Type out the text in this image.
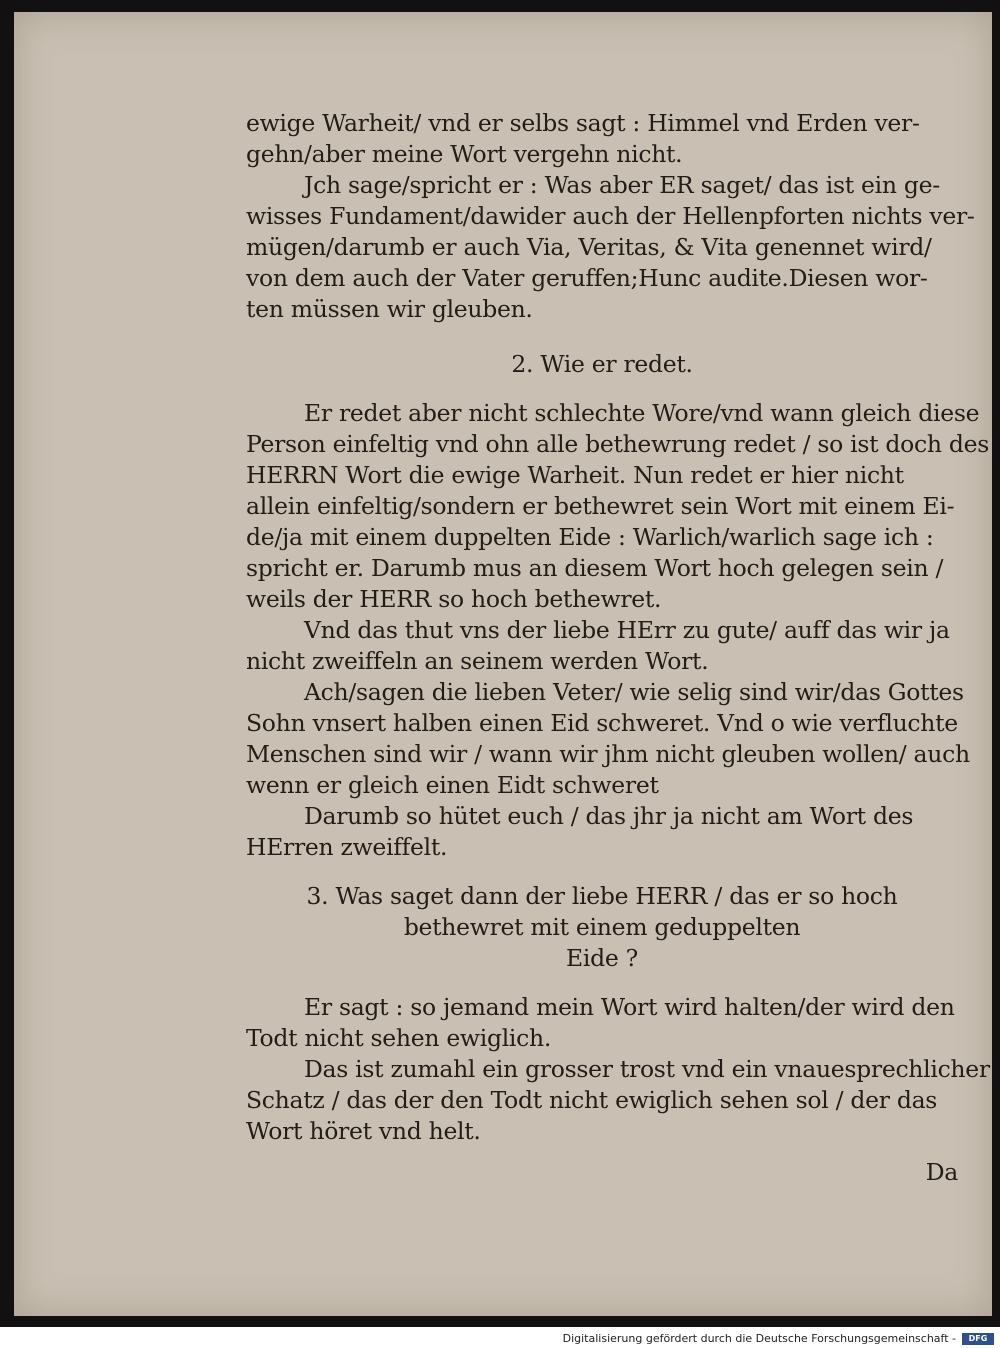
ewige Warheit/ vnd er selbs sagt : Himmel vnd Erden ver-
gehn/aber meine Wort vergehn nicht.
Jch sage/spricht er : Was aber ER saget/ das ist ein ge-
wisses Fundament/dawider auch der Hellenpforten nichts ver-
mügen/darumb er auch Via, Veritas, & Vita genennet wird/
von dem auch der Vater geruffen;Hunc audite.Diesen wor-
ten müssen wir gleuben.
2. Wie er redet.
Er redet aber nicht schlechte Wore/vnd wann gleich diese
Person einfeltig vnd ohn alle bethewrung redet / so ist doch des
HERRN Wort die ewige Warheit. Nun redet er hier nicht
allein einfeltig/sondern er bethewret sein Wort mit einem Ei-
de/ja mit einem duppelten Eide : Warlich/warlich sage ich :
spricht er. Darumb mus an diesem Wort hoch gelegen sein /
weils der HERR so hoch bethewret.
Vnd das thut vns der liebe HErr zu gute/ auff das wir ja
nicht zweiffeln an seinem werden Wort.
Ach/sagen die lieben Veter/ wie selig sind wir/das Gottes
Sohn vnsert halben einen Eid schweret. Vnd o wie verfluchte
Menschen sind wir / wann wir jhm nicht gleuben wollen/ auch
wenn er gleich einen Eidt schweret
Darumb so hütet euch / das jhr ja nicht am Wort des
HErren zweiffelt.
3. Was saget dann der liebe HERR / das er so hoch
bethewret mit einem geduppelten
Eide ?
Er sagt : so jemand mein Wort wird halten/der wird den
Todt nicht sehen ewiglich.
Das ist zumahl ein grosser trost vnd ein vnauesprechlicher
Schatz / das der den Todt nicht ewiglich sehen sol / der das
Wort höret vnd helt.
Da
Digitalisierung gefördert durch die Deutsche Forschungsgemeinschaft -	DFG
